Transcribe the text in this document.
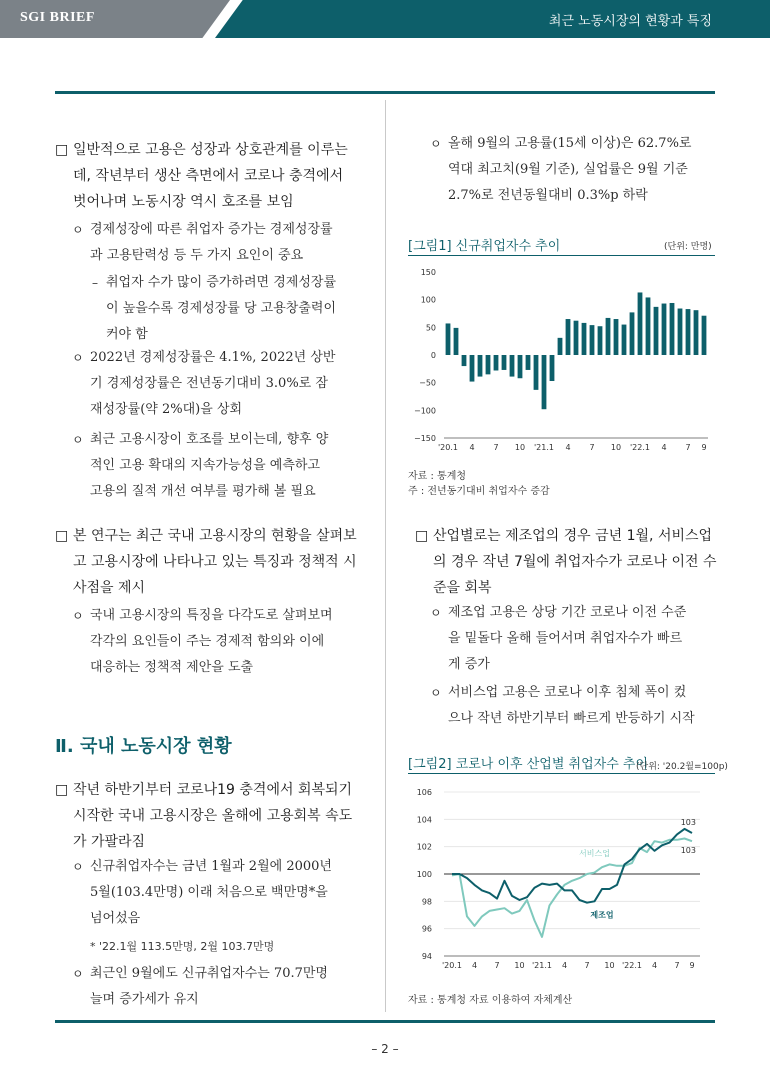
SGI BRIEF	최근 노동시장의 현황과 특징
□ 일반적으로 고용은 성장과 상호관계를 이루는
데, 작년부터 생산 측면에서 코로나 충격에서
벗어나며 노동시장 역시 호조를 보임
ㅇ 경제성장에 따른 취업자 증가는 경제성장률
과 고용탄력성 등 두 가지 요인이 중요
– 취업자 수가 많이 증가하려면 경제성장률
이 높을수록 경제성장률 당 고용창출력이
커야 함
ㅇ 2022년 경제성장률은 4.1%, 2022년 상반
기 경제성장률은 전년동기대비 3.0%로 잠
재성장률(약 2%대)을 상회
ㅇ 최근 고용시장이 호조를 보이는데, 향후 양
적인 고용 확대의 지속가능성을 예측하고
고용의 질적 개선 여부를 평가해 볼 필요
□ 본 연구는 최근 국내 고용시장의 현황을 살펴보
고 고용시장에 나타나고 있는 특징과 정책적 시
사점을 제시
ㅇ 국내 고용시장의 특징을 다각도로 살펴보며
각각의 요인들이 주는 경제적 함의와 이에
대응하는 정책적 제안을 도출
Ⅱ. 국내 노동시장 현황
□ 작년 하반기부터 코로나19 충격에서 회복되기
시작한 국내 고용시장은 올해에 고용회복 속도
가 가팔라짐
ㅇ 신규취업자수는 금년 1월과 2월에 2000년
5월(103.4만명) 이래 처음으로 백만명*을
넘어섰음
* '22.1월 113.5만명, 2월 103.7만명
ㅇ 최근인 9월에도 신규취업자수는 70.7만명
늘며 증가세가 유지
ㅇ 올해 9월의 고용률(15세 이상)은 62.7%로
역대 최고치(9월 기준), 실업률은 9월 기준
2.7%로 전년동월대비 0.3%p 하락
[그림1] 신규취업자수 추이	(단위: 만명)
150
100
50
0
−50
−100
−150
'20.1 4 7 10 '21.1 4 7 10 '22.1 4 7 9
자료 : 통계청
주 : 전년동기대비 취업자수 증감
□ 산업별로는 제조업의 경우 금년 1월, 서비스업
의 경우 작년 7월에 취업자수가 코로나 이전 수
준을 회복
ㅇ 제조업 고용은 상당 기간 코로나 이전 수준
을 밑돌다 올해 들어서며 취업자수가 빠르
게 증가
ㅇ 서비스업 고용은 코로나 이후 침체 폭이 컸
으나 작년 하반기부터 빠르게 반등하기 시작
[그림2] 코로나 이후 산업별 취업자수 추이
(단위: '20.2월=100p)
106
104
102
100
98
96
94
서비스업
제조업
103
103
'20.1 4 7 10 '21.1 4 7 10 '22.1 4 7 9
자료 : 통계청 자료 이용하여 자체계산
– 2 –
